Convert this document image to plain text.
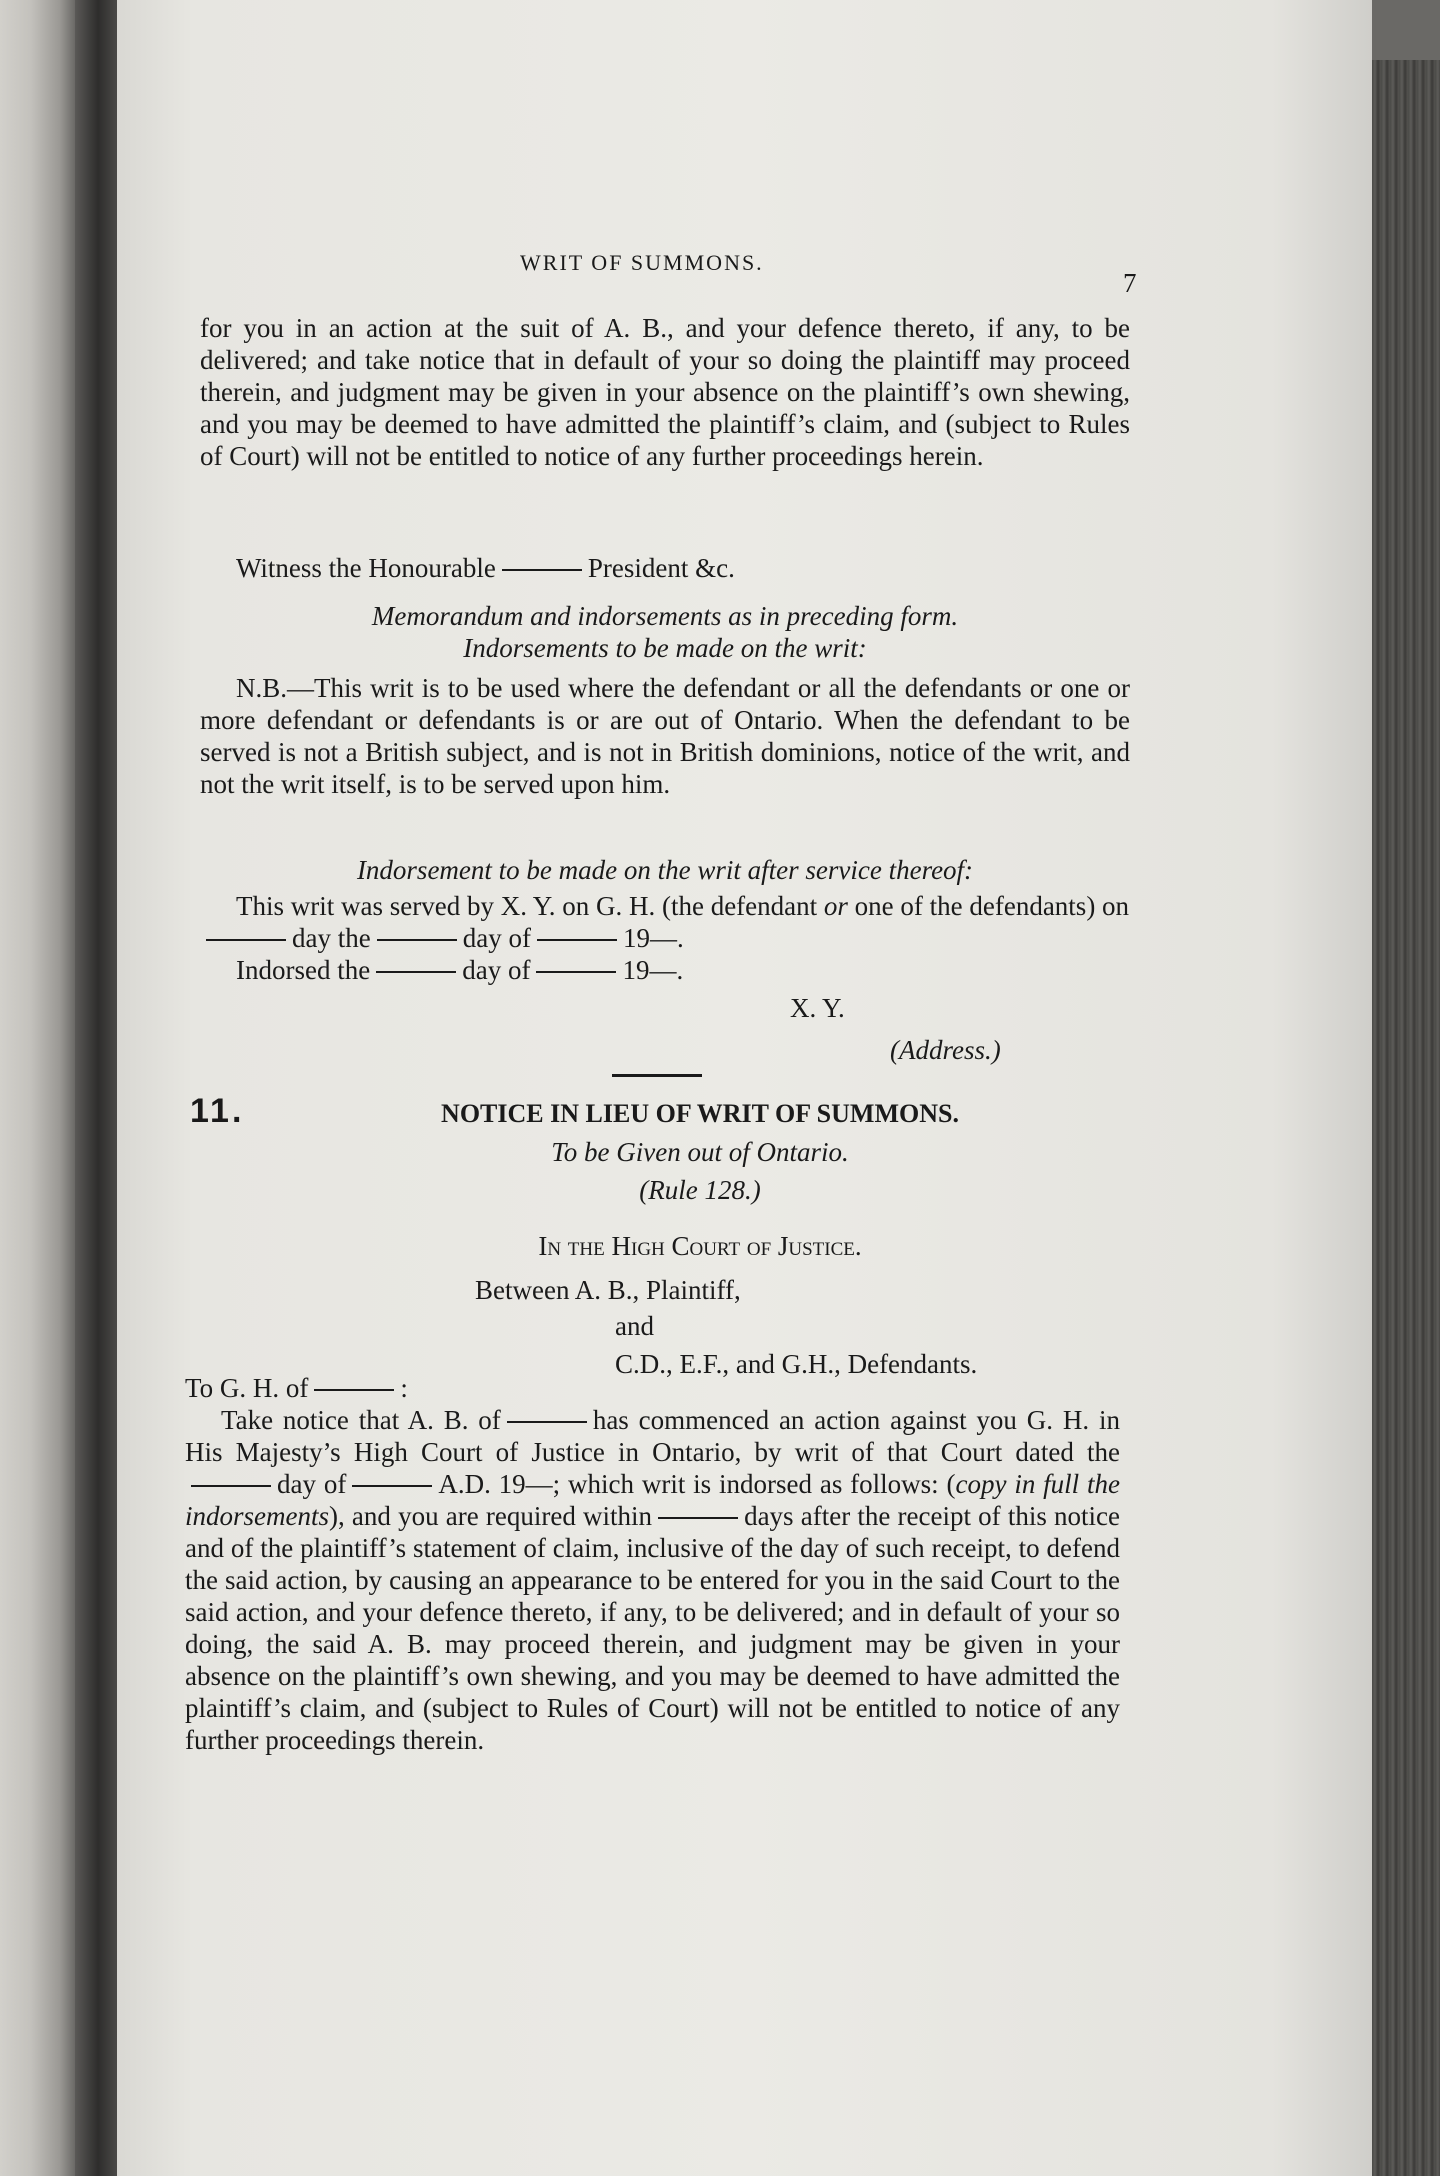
WRIT OF SUMMONS.
7
for you in an action at the suit of A. B., and your defence thereto, if any, to be delivered; and take notice that in default of your so doing the plaintiff may proceed therein, and judgment may be given in your absence on the plaintiff’s own shewing, and you may be deemed to have admitted the plaintiff’s claim, and (subject to Rules of Court) will not be entitled to notice of any further proceedings herein.
Witness the Honourable	President &c.
Memorandum and indorsements as in preceding form.
Indorsements to be made on the writ:
N.B.—This writ is to be used where the defendant or all the defendants or one or more defendant or defendants is or are out of Ontario. When the defendant to be served is not a British subject, and is not in British dominions, notice of the writ, and not the writ itself, is to be served upon him.
Indorsement to be made on the writ after service thereof:
This writ was served by X. Y. on G. H. (the defendant or one of the defendants) onday the	day of	19—.
Indorsed the	day of	19—.
X. Y.
(Address.)
11.	NOTICE IN LIEU OF WRIT OF SUMMONS.
To be Given out of Ontario.
(Rule 128.)
In the High Court of Justice.
Between A. B., Plaintiff,
and
C.D., E.F., and G.H., Defendants.
To G. H. of	:
Take notice that A. B. of	has commenced an action against you G. H. in His Majesty’s High Court of Justice in Ontario, by writ of that Court dated theday of	A.D. 19—; which writ is indorsed as follows: (copy in full the indorsements), and you are required within	days after the receipt of this notice and of the plaintiff’s statement of claim, inclusive of the day of such receipt, to defend the said action, by causing an appearance to be entered for you in the said Court to the said action, and your defence thereto, if any, to be delivered; and in default of your so doing, the said A. B. may proceed therein, and judgment may be given in your absence on the plaintiff’s own shewing, and you may be deemed to have admitted the plaintiff’s claim, and (subject to Rules of Court) will not be entitled to notice of any further proceedings therein.
